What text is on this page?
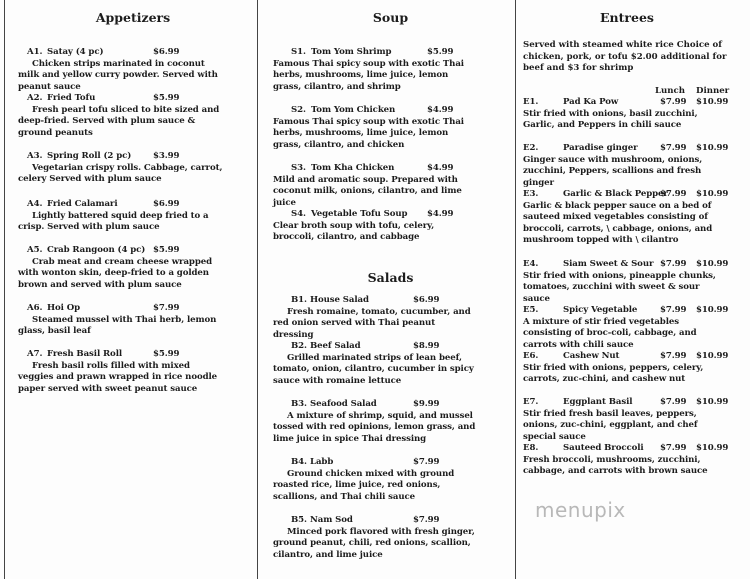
Appetizers
A1. Satay (4 pc)	$6.99
Chicken strips marinated in coconut milk and yellow curry powder. Served with peanut sauce
A2. Fried Tofu	$5.99
Fresh pearl tofu sliced to bite sized and deep-fried. Served with plum sauce & ground peanuts
A3. Spring Roll (2 pc)	$3.99
Vegetarian crispy rolls. Cabbage, carrot, celery Served with plum sauce
A4. Fried Calamari	$6.99
Lightly battered squid deep fried to a crisp. Served with plum sauce
A5. Crab Rangoon (4 pc) $5.99
Crab meat and cream cheese wrapped with wonton skin, deep-fried to a golden brown and served with plum sauce
A6. Hoi Op	$7.99
Steamed mussel with Thai herb, lemon glass, basil leaf
A7. Fresh Basil Roll	$5.99
Fresh basil rolls filled with mixed veggies and prawn wrapped in rice noodle paper served with sweet peanut sauce
Soup
S1. Tom Yom Shrimp	$5.99
Famous Thai spicy soup with exotic Thai herbs, mushrooms, lime juice, lemon grass, cilantro, and shrimp
S2. Tom Yom Chicken	$4.99
Famous Thai spicy soup with exotic Thai herbs, mushrooms, lime juice, lemon grass, cilantro, and chicken
S3. Tom Kha Chicken	$4.99
Mild and aromatic soup. Prepared with coconut milk, onions, cilantro, and lime juice
S4. Vegetable Tofu Soup $4.99
Clear broth soup with tofu, celery, broccoli, cilantro, and cabbage
Salads
B1. House Salad	$6.99
Fresh romaine, tomato, cucumber, and red onion served with Thai peanut dressing
B2. Beef Salad	$8.99
Grilled marinated strips of lean beef, tomato, onion, cilantro, cucumber in spicy sauce with romaine lettuce
B3. Seafood Salad	$9.99
A mixture of shrimp, squid, and mussel tossed with red opinions, lemon grass, and lime juice in spice Thai dressing
B4. Labb	$7.99
Ground chicken mixed with ground roasted rice, lime juice, red onions, scallions, and Thai chili sauce
B5. Nam Sod	$7.99
Minced pork flavored with fresh ginger, ground peanut, chili, red onions, scallion, cilantro, and lime juice
Entrees
Served with steamed white rice Choice of chicken, pork, or tofu $2.00 additional for beef and $3 for shrimp
Lunch Dinner
E1.	Pad Ka Pow	$7.99 $10.99
Stir fried with onions, basil zucchini, Garlic, and Peppers in chili sauce
E2.	Paradise ginger	$7.99 $10.99
Ginger sauce with mushroom, onions, zucchini, Peppers, scallions and fresh ginger
E3.	Garlic & Black Pepper
$7.99 $10.99
Garlic & black pepper sauce on a bed of sauteed mixed vegetables consisting of broccoli, carrots, \ cabbage, onions, and mushroom topped with \ cilantro
E4.	Siam Sweet & Sour $7.99 $10.99
Stir fried with onions, pineapple chunks, tomatoes, zucchini with sweet & sour sauce
E5.	Spicy Vegetable	$7.99 $10.99
A mixture of stir fried vegetables consisting of broc-coli, cabbage, and carrots with chili sauce
E6.	Cashew Nut	$7.99 $10.99
Stir fried with onions, peppers, celery, carrots, zuc-chini, and cashew nut
E7.	Eggplant Basil	$7.99 $10.99
Stir fried fresh basil leaves, peppers, onions, zuc-chini, eggplant, and chef special sauce
E8.	Sauteed Broccoli $7.99 $10.99
Fresh broccoli, mushrooms, zucchini, cabbage, and carrots with brown sauce
menupix
